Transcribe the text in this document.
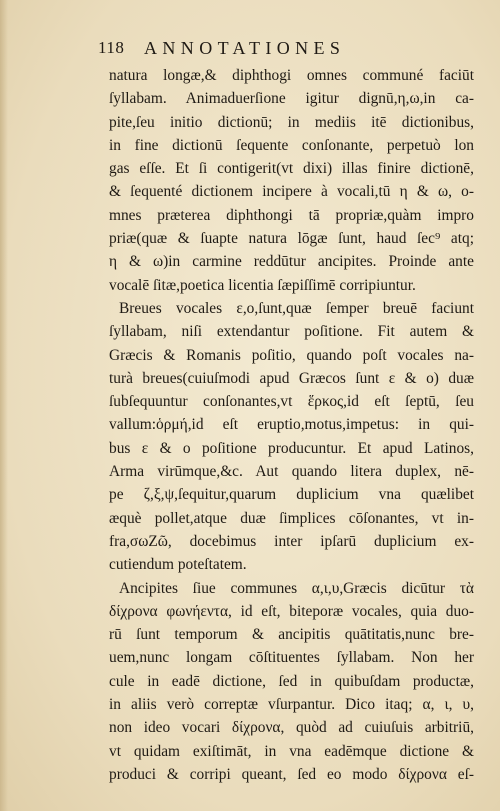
118 ANNOTATIONES
natura longæ,& diphthogi omnes communé faciūt
ſyllabam. Animaduerſione igitur dignū,η,ω,in ca-
pite,ſeu initio dictionū; in mediis itē dictionibus,
in fine dictionū ſequente conſonante, perpetuò lon
gas eſſe. Et ſi contigerit(vt dixi) illas finire dictionē,
& ſequenté dictionem incipere à vocali,tū η & ω, o-
mnes præterea diphthongi tā propriæ,quàm impro
priæ(quæ & ſuapte natura lōgæ ſunt, haud ſec⁹ atq;
η & ω)in carmine reddūtur ancipites. Proinde ante
vocalē ſitæ,poetica licentia ſæpiſſimē corripiuntur.
Breues vocales ε,ο,ſunt,quæ ſemper breuē faciunt
ſyllabam, niſi extendantur poſitione. Fit autem &
Græcis & Romanis poſitio, quando poſt vocales na-
turà breues(cuiuſmodi apud Græcos ſunt ε & ο) duæ
ſubſequuntur conſonantes,vt ἕρκος,id eſt ſeptū, ſeu
vallum:ὁρμή,id eſt eruptio,motus,impetus: in qui-
bus ε & ο poſitione producuntur. Et apud Latinos,
Arma virūmque,&c. Aut quando litera duplex, nē-
pe ζ,ξ,ψ,ſequitur,quarum duplicium vna quælibet
æquè pollet,atque duæ ſimplices cōſonantes, vt in-
fra,σωΖῶ, docebimus inter ipſarū duplicium ex-
cutiendum poteſtatem.
Ancipites ſiue communes α,ι,υ,Græcis dicūtur τὰ
δίχρονα φωνήεντα, id eſt, biteporæ vocales, quia duo-
rū ſunt temporum & ancipitis quātitatis,nunc bre-
uem,nunc longam cōſtituentes ſyllabam. Non her
cule in eadē dictione, ſed in quibuſdam productæ,
in aliis verò correptæ vſurpantur. Dico itaq; α, ι, υ,
non ideo vocari δίχρονα, quòd ad cuiuſuis arbitriū,
vt quidam exiſtimāt, in vna eadēmque dictione &
produci & corripi queant, ſed eo modo δίχρονα eſ-
